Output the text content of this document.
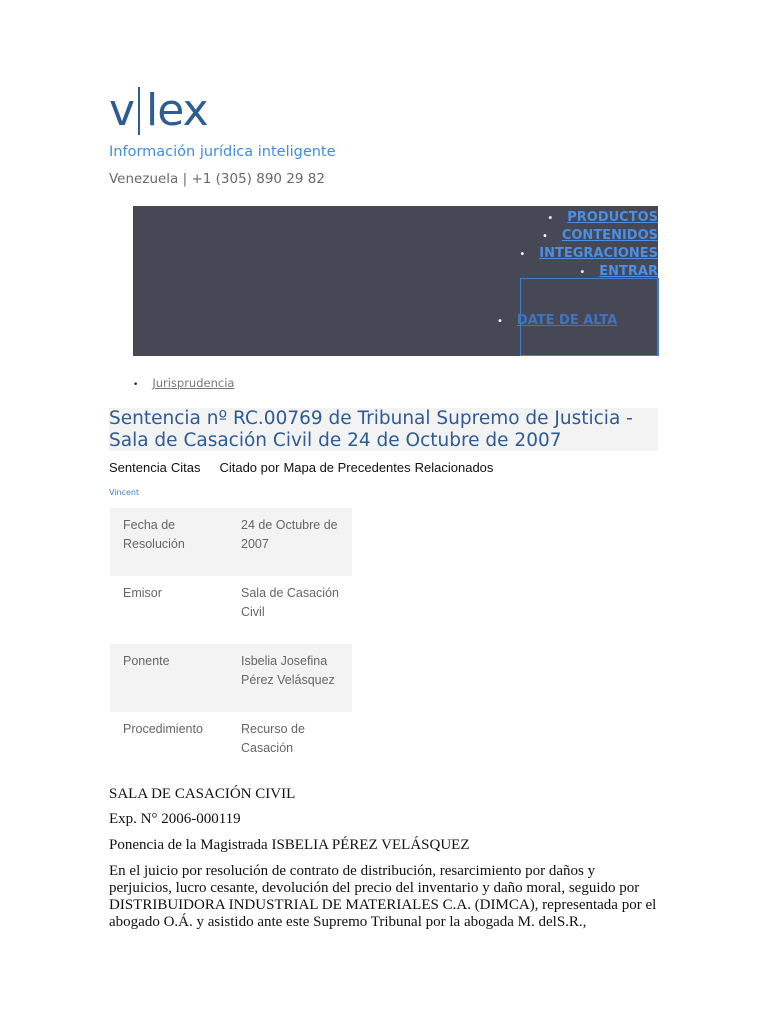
v lex
Información jurídica inteligente
Venezuela | +1 (305) 890 29 82
• PRODUCTOS
• CONTENIDOS
• INTEGRACIONES
• ENTRAR
• DATE DE ALTA
• Jurisprudencia
Sentencia nº RC.00769 de Tribunal Supremo de Justicia - Sala de Casación Civil de 24 de Octubre de 2007
Sentencia Citas Citado por Mapa de Precedentes Relacionados
Vincent
Fecha de Resolución	24 de Octubre de 2007
Emisor	Sala de Casación Civil
Ponente	Isbelia Josefina Pérez Velásquez
Procedimiento	Recurso de Casación
SALA DE CASACIÓN CIVIL
Exp. N° 2006-000119
Ponencia de la Magistrada ISBELIA PÉREZ VELÁSQUEZ
En el juicio por resolución de contrato de distribución, resarcimiento por daños y perjuicios, lucro cesante, devolución del precio del inventario y daño moral, seguido por DISTRIBUIDORA INDUSTRIAL DE MATERIALES C.A. (DIMCA), representada por el abogado O.Á. y asistido ante este Supremo Tribunal por la abogada M. delS.R.,
